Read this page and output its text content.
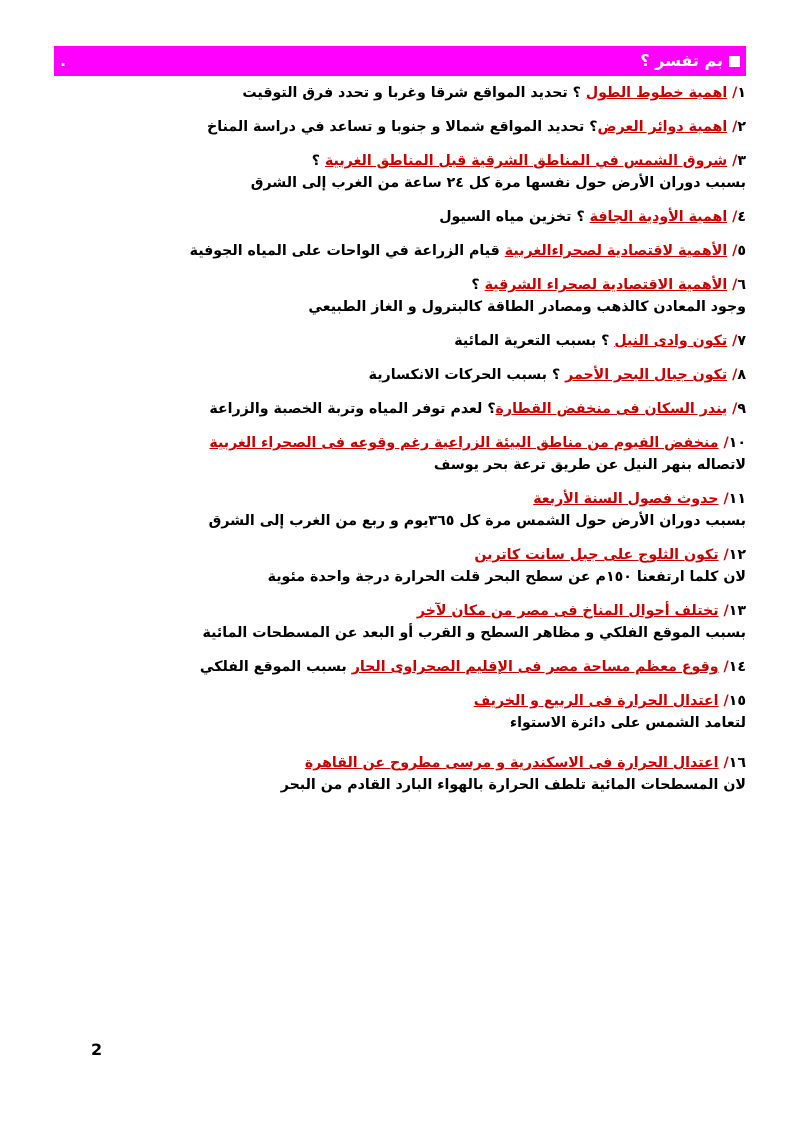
بم تفسر ؟
.
١/ اهمية خطوط الطول ؟ تحديد المواقع شرقا وغربا و تحدد فرق التوقيت
٢/ اهمية دوائر العرض؟ تحديد المواقع شمالا و جنوبا و تساعد في دراسة المناخ
٣/ شروق الشمس في المناطق الشرقية قبل المناطق الغربية ؟
بسبب دوران الأرض حول نفسها مرة كل ٢٤ ساعة من الغرب إلى الشرق
٤/ اهمية الأودية الجافة ؟ تخزين مياه السيول
٥/ الأهمية لاقتصادية لصحراءالغربية قيام الزراعة في الواحات على المياه الجوفية
٦/ الأهمية الاقتصادية لصحراء الشرقية ؟
وجود المعادن كالذهب ومصادر الطاقة كالبترول و الغاز الطبيعي
٧/ تكون وادى النيل ؟ بسبب التعرية المائية
٨/ تكون جبال البحر الأحمر ؟ بسبب الحركات الانكسارية
٩/ يندر السكان فى منخفض القطارة؟ لعدم توفر المياه وتربة الخصبة والزراعة
١٠/ منخفض الفيوم من مناطق البيئة الزراعية رغم وقوعه فى الصحراء الغربية
لاتصاله بنهر النيل عن طريق ترعة بحر يوسف
١١/ حدوث فصول السنة الأربعة
بسبب دوران الأرض حول الشمس مرة كل ٣٦٥يوم و ربع من الغرب إلى الشرق
١٢/ تكون الثلوج على جبل سانت كاترين
لان كلما ارتفعنا ١٥٠م عن سطح البحر قلت الحرارة درجة واحدة مئوية
١٣/ تختلف أحوال المناخ فى مصر من مكان لآخر
بسبب الموقع الفلكي و مظاهر السطح و القرب أو البعد عن المسطحات المائية
١٤/ وقوع معظم مساحة مصر فى الإقليم الصحراوى الحار بسبب الموقع الفلكي
١٥/ اعتدال الحرارة فى الربيع و الخريف
لتعامد الشمس على دائرة الاستواء
١٦/ اعتدال الحرارة فى الاسكندرية و مرسى مطروح عن القاهرة
لان المسطحات المائية تلطف الحرارة بالهواء البارد القادم من البحر
2
